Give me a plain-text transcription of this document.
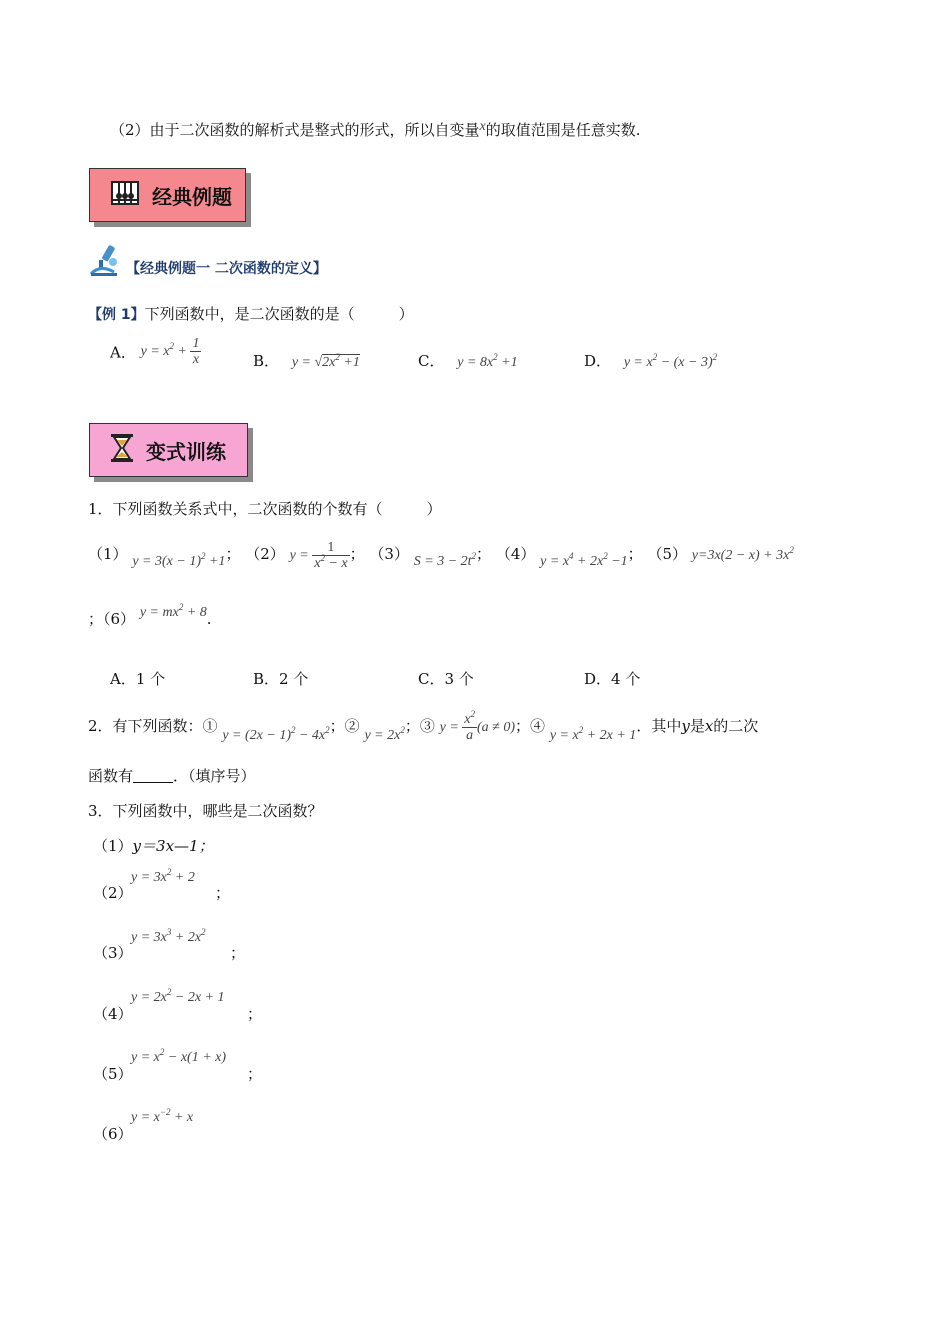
（2）由于二次函数的解析式是整式的形式，所以自变量x的取值范围是任意实数.
经典例题
【经典例题一 二次函数的定义】
【例 1】下列函数中，是二次函数的是（	）
A． $y = x^2 + \frac{1}{x}$	B． $y = √2x^2 +1$	C． $y = 8x^2 +1$	D． $y = x^2 - (x - 3)^2$
变式训练
1．下列函数关系式中，二次函数的个数有（	）
（1） $y = 3(x - 1)^2 +1$； （2） $y = \frac{1}{x^2 - x}$ ； （3） $S = 3 - 2t^2$； （4） $y = x^4 + 2x^2 -1$； （5） $y=3x(2 - x) + 3x^2$
；（6） $y = mx^2 + 8$.
A．1 个	B．2 个	C．3 个	D．4 个
2．有下列函数：① $y = (2x - 1)^2 - 4x^2$；② $y = 2x^2$；③ $y = \frac{x^2}{a} (a \ne 0)$；④ $y = x^2 + 2x + 1$．其中y是x的二次
函数有	．（填序号）
3．下列函数中，哪些是二次函数？
（1）y＝3x—1；
（2）
$y = 3x^2 + 2$
；
（3）
$y = 3x^3 + 2x^2$
；
（4）
$y = 2x^2 - 2x + 1$
；
（5）
$y = x^2 - x(1 + x)$
；
（6）
$y = x^{-2} + x$
